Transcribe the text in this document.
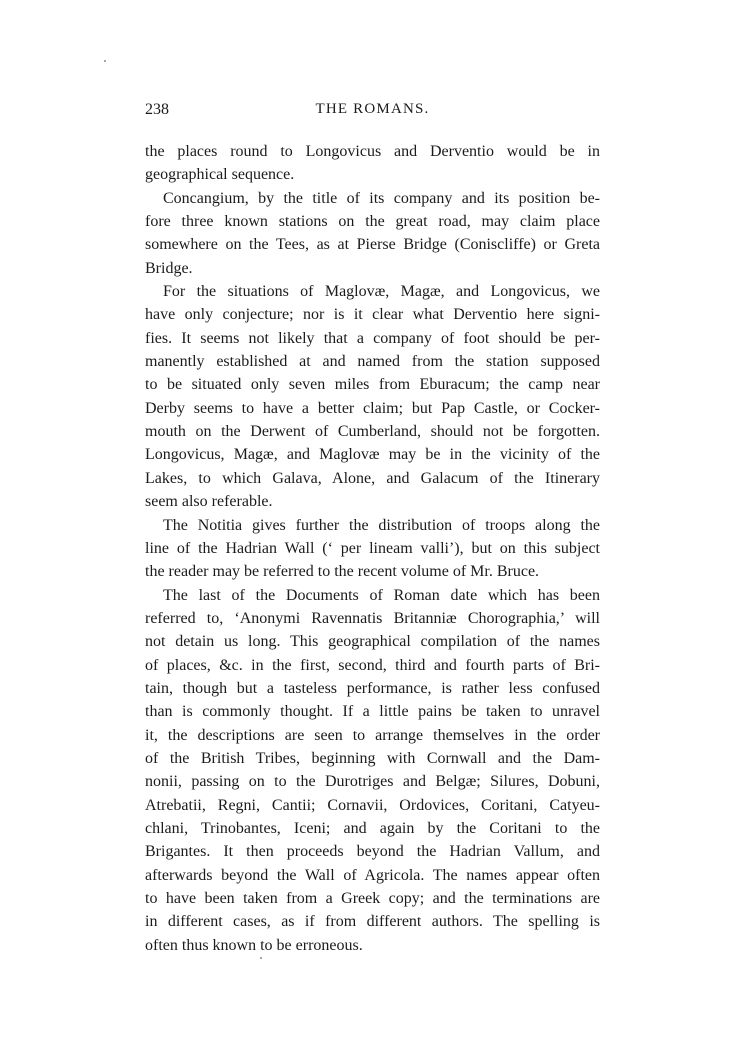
238	THE ROMANS.

the places round to Longovicus and Derventio would be in
geographical sequence.

Concangium, by the title of its company and its position be-
fore three known stations on the great road, may claim place
somewhere on the Tees, as at Pierse Bridge (Coniscliffe) or Greta
Bridge.

For the situations of Maglovæ, Magæ, and Longovicus, we
have only conjecture; nor is it clear what Derventio here signi-
fies. It seems not likely that a company of foot should be per-
manently established at and named from the station supposed
to be situated only seven miles from Eburacum; the camp near
Derby seems to have a better claim; but Pap Castle, or Cocker-
mouth on the Derwent of Cumberland, should not be forgotten.
Longovicus, Magæ, and Maglovæ may be in the vicinity of the
Lakes, to which Galava, Alone, and Galacum of the Itinerary
seem also referable.

The Notitia gives further the distribution of troops along the
line of the Hadrian Wall (‘ per lineam valli’), but on this subject
the reader may be referred to the recent volume of Mr. Bruce.

The last of the Documents of Roman date which has been
referred to, ‘Anonymi Ravennatis Britanniæ Chorographia,’ will
not detain us long. This geographical compilation of the names
of places, &c. in the first, second, third and fourth parts of Bri-
tain, though but a tasteless performance, is rather less confused
than is commonly thought. If a little pains be taken to unravel
it, the descriptions are seen to arrange themselves in the order
of the British Tribes, beginning with Cornwall and the Dam-
nonii, passing on to the Durotriges and Belgæ; Silures, Dobuni,
Atrebatii, Regni, Cantii; Cornavii, Ordovices, Coritani, Catyeu-
chlani, Trinobantes, Iceni; and again by the Coritani to the
Brigantes. It then proceeds beyond the Hadrian Vallum, and
afterwards beyond the Wall of Agricola. The names appear often
to have been taken from a Greek copy; and the terminations are
in different cases, as if from different authors. The spelling is
often thus known to be erroneous.
